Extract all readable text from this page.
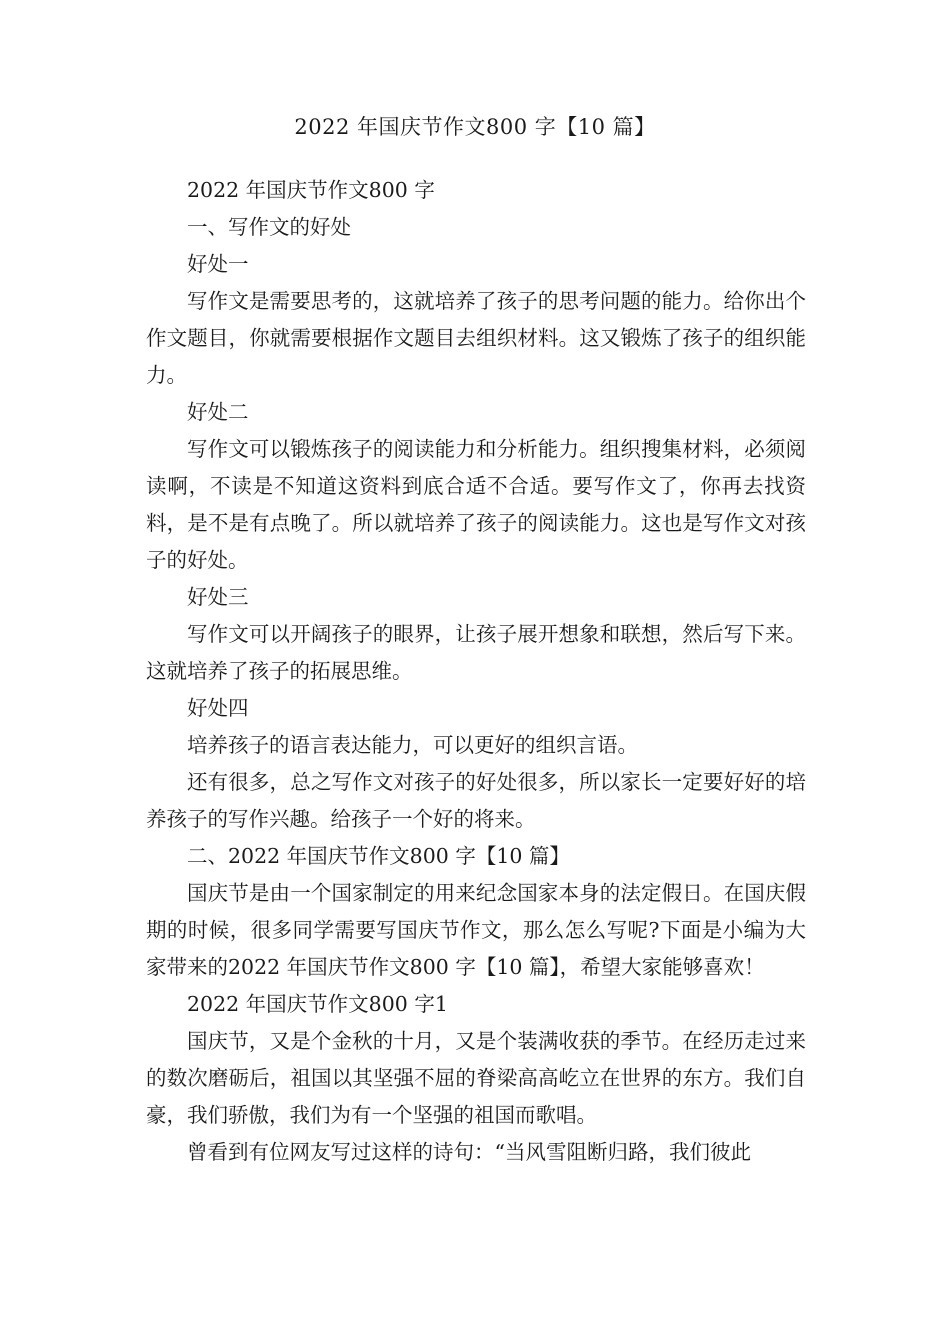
2022 年国庆节作文800 字【10 篇】

2022 年国庆节作文800 字

一、写作文的好处

好处一

写作文是需要思考的，这就培养了孩子的思考问题的能力。给你出个作文题目，你就需要根据作文题目去组织材料。这又锻炼了孩子的组织能力。

好处二

写作文可以锻炼孩子的阅读能力和分析能力。组织搜集材料，必须阅读啊，不读是不知道这资料到底合适不合适。要写作文了，你再去找资料，是不是有点晚了。所以就培养了孩子的阅读能力。这也是写作文对孩子的好处。

好处三

写作文可以开阔孩子的眼界，让孩子展开想象和联想，然后写下来。这就培养了孩子的拓展思维。

好处四

培养孩子的语言表达能力，可以更好的组织言语。

还有很多，总之写作文对孩子的好处很多，所以家长一定要好好的培养孩子的写作兴趣。给孩子一个好的将来。

二、2022 年国庆节作文800 字【10 篇】

国庆节是由一个国家制定的用来纪念国家本身的法定假日。在国庆假期的时候，很多同学需要写国庆节作文，那么怎么写呢?下面是小编为大家带来的2022 年国庆节作文800 字【10 篇】，希望大家能够喜欢！

2022 年国庆节作文800 字1

国庆节，又是个金秋的十月，又是个装满收获的季节。在经历走过来的数次磨砺后，祖国以其坚强不屈的脊梁高高屹立在世界的东方。我们自豪，我们骄傲，我们为有一个坚强的祖国而歌唱。

曾看到有位网友写过这样的诗句：“当风雪阻断归路，我们彼此
